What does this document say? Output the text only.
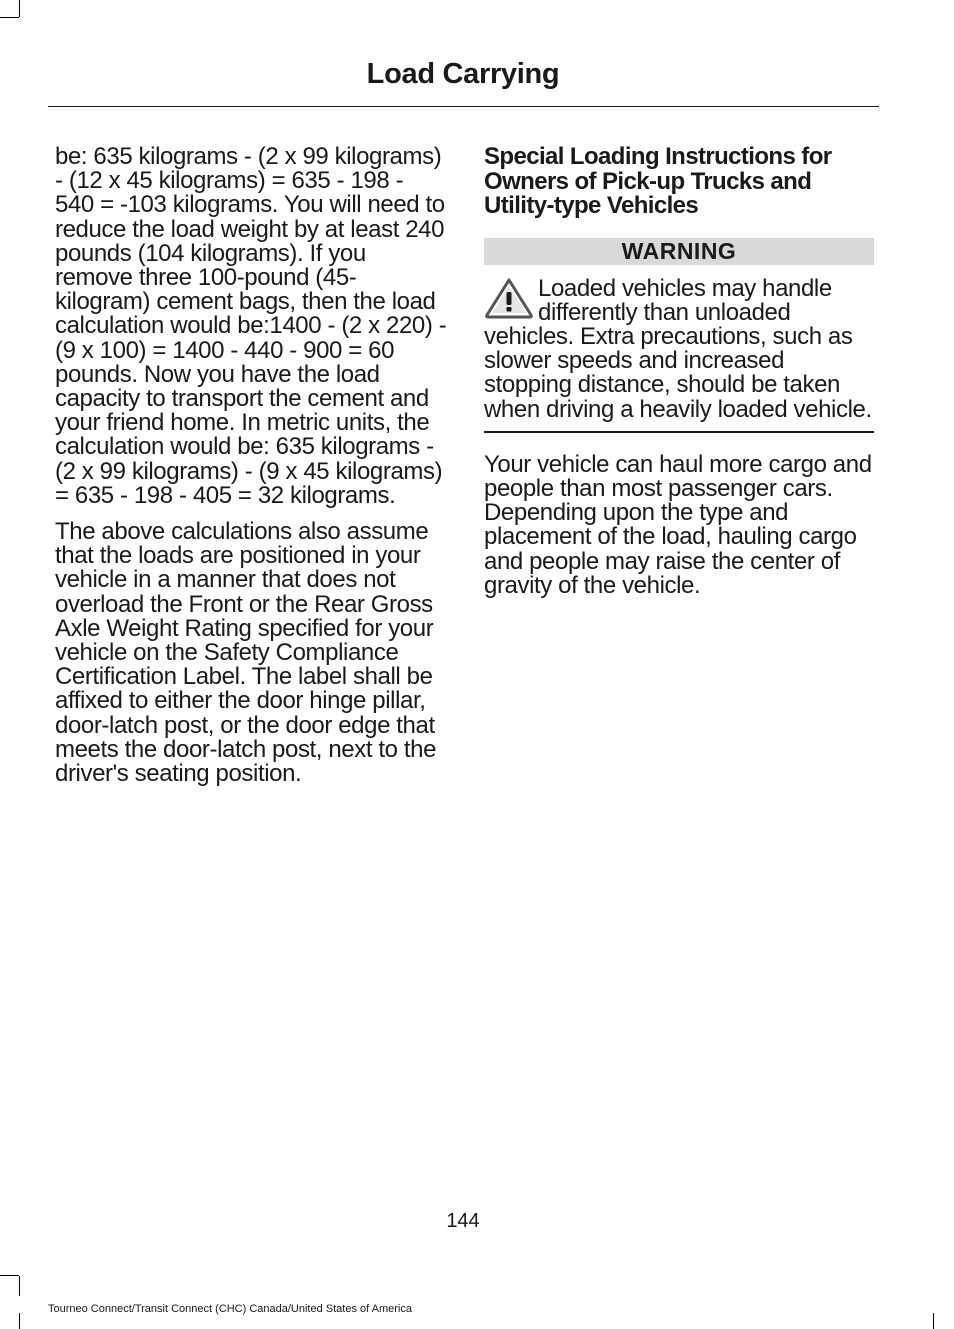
Load Carrying

be: 635 kilograms - (2 x 99 kilograms) - (12 x 45 kilograms) = 635 - 198 - 540 = -103 kilograms. You will need to reduce the load weight by at least 240 pounds (104 kilograms). If you remove three 100-pound (45-kilogram) cement bags, then the load calculation would be:1400 - (2 x 220) - (9 x 100) = 1400 - 440 - 900 = 60 pounds. Now you have the load capacity to transport the cement and your friend home. In metric units, the calculation would be: 635 kilograms - (2 x 99 kilograms) - (9 x 45 kilograms) = 635 - 198 - 405 = 32 kilograms.

The above calculations also assume that the loads are positioned in your vehicle in a manner that does not overload the Front or the Rear Gross Axle Weight Rating specified for your vehicle on the Safety Compliance Certification Label. The label shall be affixed to either the door hinge pillar, door-latch post, or the door edge that meets the door-latch post, next to the driver's seating position.

Special Loading Instructions for Owners of Pick-up Trucks and Utility-type Vehicles
WARNING

Loaded vehicles may handle differently than unloaded vehicles. Extra precautions, such as slower speeds and increased stopping distance, should be taken when driving a heavily loaded vehicle.

Your vehicle can haul more cargo and people than most passenger cars. Depending upon the type and placement of the load, hauling cargo and people may raise the center of gravity of the vehicle.

144
Tourneo Connect/Transit Connect (CHC) Canada/United States of America
